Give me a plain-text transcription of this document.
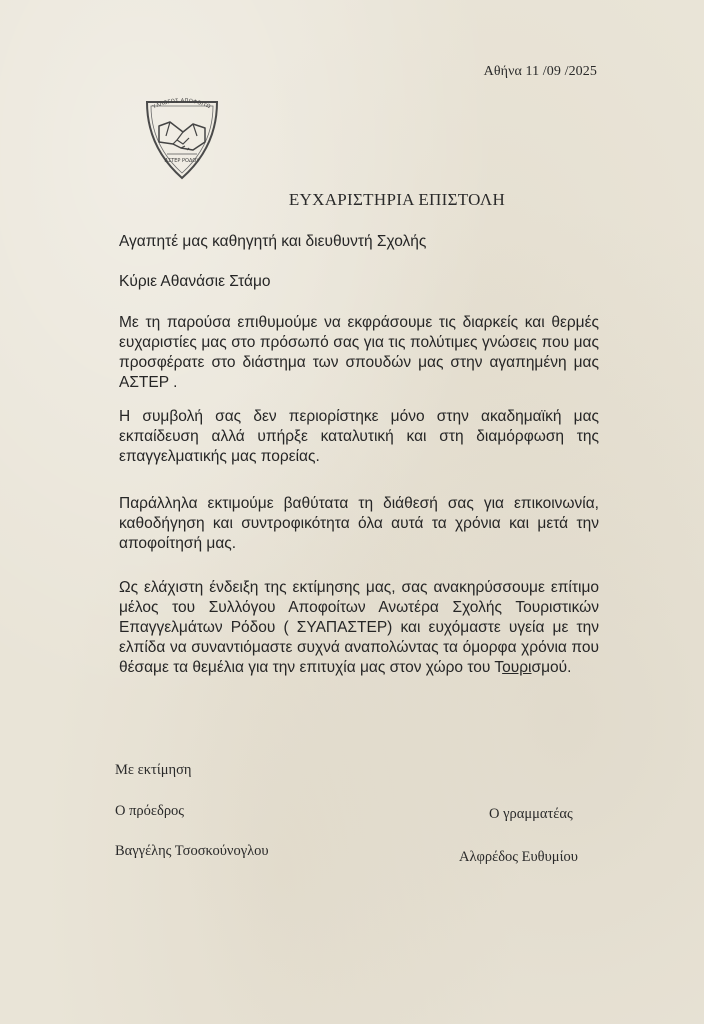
Αθήνα 11 /09 /2025
ΥΛΛΟΓΟΣ ΑΠΟΦΟΙΤΩ
ΑΣΤΕΡ ΡΟΔΟΥ
ΕΥΧΑΡΙΣΤΗΡΙΑ ΕΠΙΣΤΟΛΗ
Αγαπητέ μας καθηγητή και διευθυντή Σχολής
Κύριε Αθανάσιε Στάμο
Με τη παρούσα επιθυμούμε να εκφράσουμε τις διαρκείς και θερμές ευχαριστίες μας στο πρόσωπό σας για τις πολύτιμες γνώσεις που μας προσφέρατε στο διάστημα των σπουδών μας στην αγαπημένη μας ΑΣΤΕΡ .
Η συμβολή σας δεν περιορίστηκε μόνο στην ακαδημαϊκή μας εκπαίδευση αλλά υπήρξε καταλυτική και στη διαμόρφωση της επαγγελματικής μας πορείας.
Παράλληλα εκτιμούμε βαθύτατα τη διάθεσή σας για επικοινωνία, καθοδήγηση και συντροφικότητα όλα αυτά τα χρόνια και μετά την αποφοίτησή μας.
Ως ελάχιστη ένδειξη της εκτίμησης μας, σας ανακηρύσσουμε επίτιμο μέλος του Συλλόγου Αποφοίτων Ανωτέρα Σχολής Τουριστικών Επαγγελμάτων Ρόδου ( ΣΥΑΠΑΣΤΕΡ) και ευχόμαστε υγεία με την ελπίδα να συναντιόμαστε συχνά αναπολώντας τα όμορφα χρόνια που θέσαμε τα θεμέλια για την επιτυχία μας στον χώρο του Τουρισμού.
Με εκτίμηση
Ο πρόεδρος
Βαγγέλης Τσοσκούνογλου
Ο γραμματέας
Αλφρέδος Ευθυμίου
